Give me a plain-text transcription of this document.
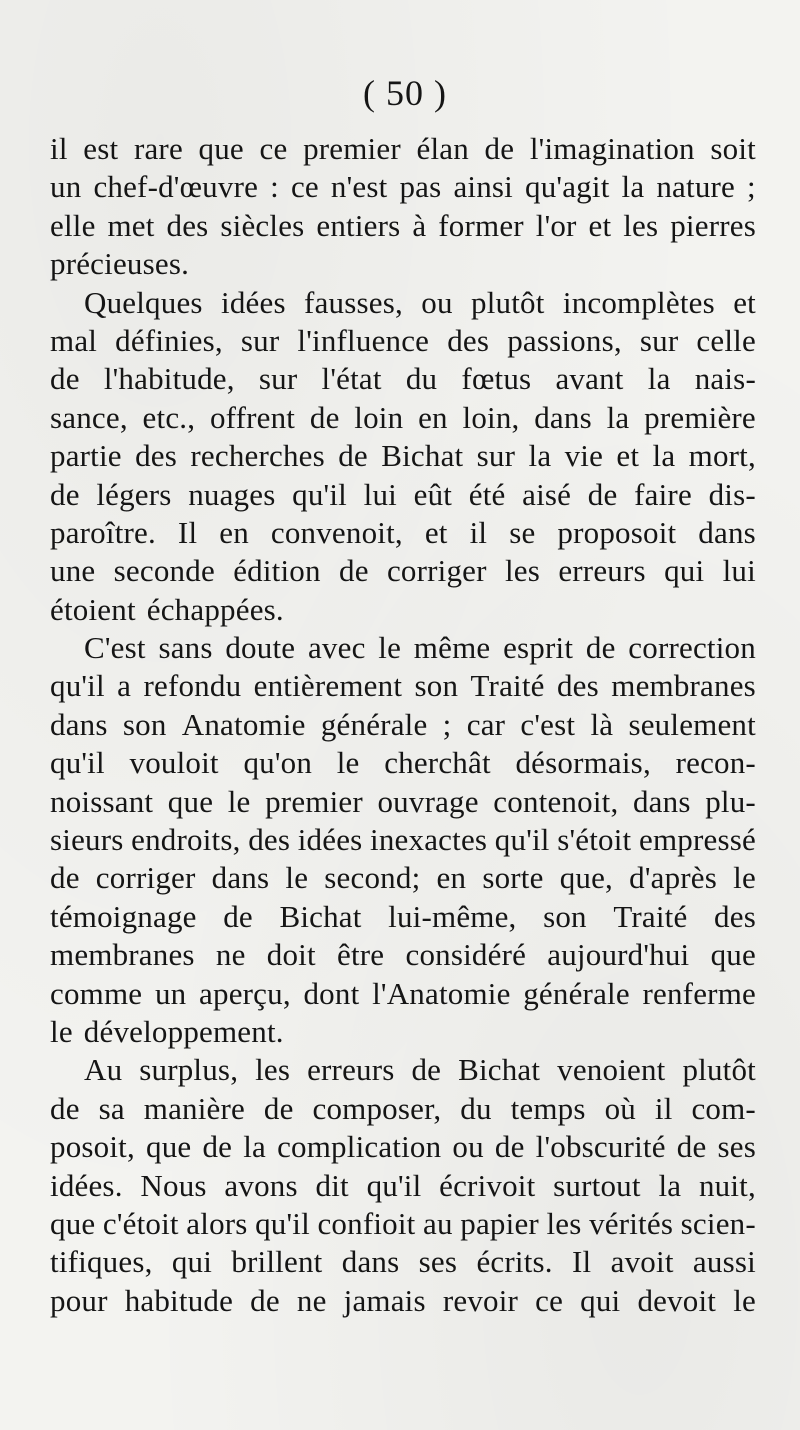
( 50 )
il est rare que ce premier élan de l'imagination soit
un chef-d'œuvre : ce n'est pas ainsi qu'agit la nature ;
elle met des siècles entiers à former l'or et les pierres
précieuses.
Quelques idées fausses, ou plutôt incomplètes et
mal définies, sur l'influence des passions, sur celle
de l'habitude, sur l'état du fœtus avant la nais-
sance, etc., offrent de loin en loin, dans la première
partie des recherches de Bichat sur la vie et la mort,
de légers nuages qu'il lui eût été aisé de faire dis-
paroître. Il en convenoit, et il se proposoit dans
une seconde édition de corriger les erreurs qui lui
étoient échappées.
C'est sans doute avec le même esprit de correction
qu'il a refondu entièrement son Traité des membranes
dans son Anatomie générale ; car c'est là seulement
qu'il vouloit qu'on le cherchât désormais, recon-
noissant que le premier ouvrage contenoit, dans plu-
sieurs endroits, des idées inexactes qu'il s'étoit empressé
de corriger dans le second; en sorte que, d'après le
témoignage de Bichat lui-même, son Traité des
membranes ne doit être considéré aujourd'hui que
comme un aperçu, dont l'Anatomie générale renferme
le développement.
Au surplus, les erreurs de Bichat venoient plutôt
de sa manière de composer, du temps où il com-
posoit, que de la complication ou de l'obscurité de ses
idées. Nous avons dit qu'il écrivoit surtout la nuit,
que c'étoit alors qu'il confioit au papier les vérités scien-
tifiques, qui brillent dans ses écrits. Il avoit aussi
pour habitude de ne jamais revoir ce qui devoit le
